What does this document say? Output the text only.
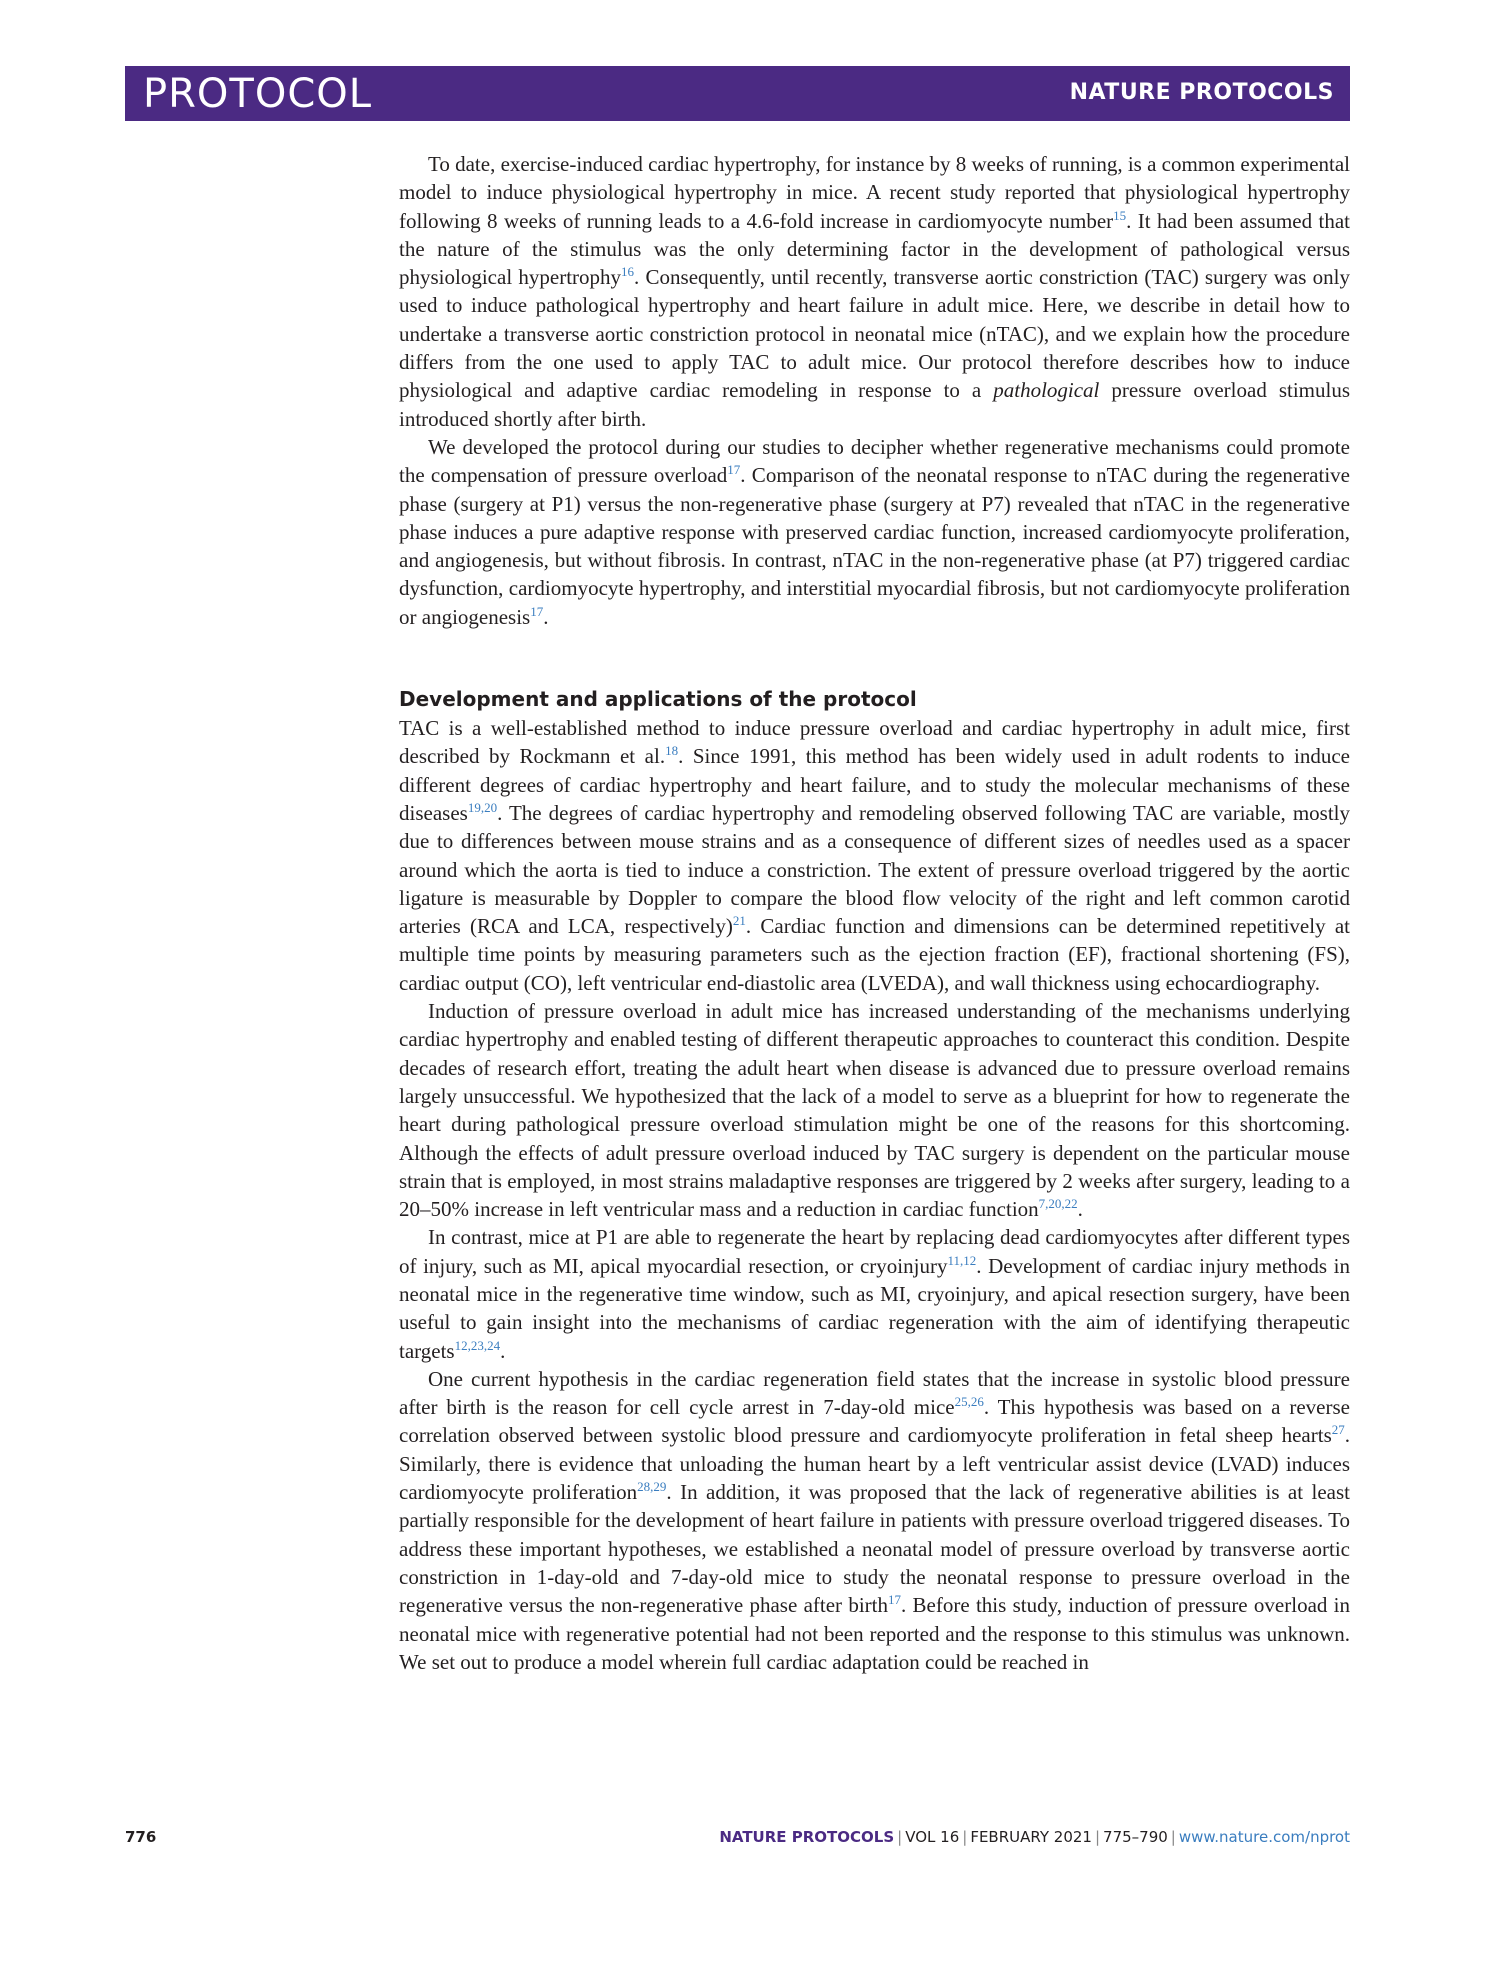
PROTOCOL	NATURE PROTOCOLS

To date, exercise-induced cardiac hypertrophy, for instance by 8 weeks of running, is a common experimental model to induce physiological hypertrophy in mice. A recent study reported that physiological hypertrophy following 8 weeks of running leads to a 4.6-fold increase in cardiomyocyte number$^{15}$. It had been assumed that the nature of the stimulus was the only determining factor in the development of pathological versus physiological hypertrophy$^{16}$. Consequently, until recently, transverse aortic constriction (TAC) surgery was only used to induce pathological hypertrophy and heart failure in adult mice. Here, we describe in detail how to undertake a transverse aortic constriction protocol in neonatal mice (nTAC), and we explain how the procedure differs from the one used to apply TAC to adult mice. Our protocol therefore describes how to induce physiological and adaptive cardiac remodeling in response to a pathological pressure overload stimulus introduced shortly after birth.

We developed the protocol during our studies to decipher whether regenerative mechanisms could promote the compensation of pressure overload$^{17}$. Comparison of the neonatal response to nTAC during the regenerative phase (surgery at P1) versus the non-regenerative phase (surgery at P7) revealed that nTAC in the regenerative phase induces a pure adaptive response with preserved cardiac function, increased cardiomyocyte proliferation, and angiogenesis, but without fibrosis. In contrast, nTAC in the non-regenerative phase (at P7) triggered cardiac dysfunction, cardiomyocyte hypertrophy, and interstitial myocardial fibrosis, but not cardiomyocyte proliferation or angiogenesis$^{17}$.

Development and applications of the protocol

TAC is a well-established method to induce pressure overload and cardiac hypertrophy in adult mice, first described by Rockmann et al.$^{18}$. Since 1991, this method has been widely used in adult rodents to induce different degrees of cardiac hypertrophy and heart failure, and to study the molecular mechanisms of these diseases$^{19,20}$. The degrees of cardiac hypertrophy and remodeling observed following TAC are variable, mostly due to differences between mouse strains and as a consequence of different sizes of needles used as a spacer around which the aorta is tied to induce a constriction. The extent of pressure overload triggered by the aortic ligature is measurable by Doppler to compare the blood flow velocity of the right and left common carotid arteries (RCA and LCA, respectively)$^{21}$. Cardiac function and dimensions can be determined repetitively at multiple time points by measuring parameters such as the ejection fraction (EF), fractional shortening (FS), cardiac output (CO), left ventricular end-diastolic area (LVEDA), and wall thickness using echocardiography.

Induction of pressure overload in adult mice has increased understanding of the mechanisms underlying cardiac hypertrophy and enabled testing of different therapeutic approaches to counteract this condition. Despite decades of research effort, treating the adult heart when disease is advanced due to pressure overload remains largely unsuccessful. We hypothesized that the lack of a model to serve as a blueprint for how to regenerate the heart during pathological pressure overload stimulation might be one of the reasons for this shortcoming. Although the effects of adult pressure overload induced by TAC surgery is dependent on the particular mouse strain that is employed, in most strains maladaptive responses are triggered by 2 weeks after surgery, leading to a 20–50% increase in left ventricular mass and a reduction in cardiac function$^{7,20,22}$.

In contrast, mice at P1 are able to regenerate the heart by replacing dead cardiomyocytes after different types of injury, such as MI, apical myocardial resection, or cryoinjury$^{11,12}$. Development of cardiac injury methods in neonatal mice in the regenerative time window, such as MI, cryoinjury, and apical resection surgery, have been useful to gain insight into the mechanisms of cardiac regeneration with the aim of identifying therapeutic targets$^{12,23,24}$.

One current hypothesis in the cardiac regeneration field states that the increase in systolic blood pressure after birth is the reason for cell cycle arrest in 7-day-old mice$^{25,26}$. This hypothesis was based on a reverse correlation observed between systolic blood pressure and cardiomyocyte proliferation in fetal sheep hearts$^{27}$. Similarly, there is evidence that unloading the human heart by a left ventricular assist device (LVAD) induces cardiomyocyte proliferation$^{28,29}$. In addition, it was proposed that the lack of regenerative abilities is at least partially responsible for the development of heart failure in patients with pressure overload triggered diseases. To address these important hypotheses, we established a neonatal model of pressure overload by transverse aortic constriction in 1-day-old and 7-day-old mice to study the neonatal response to pressure overload in the regenerative versus the non-regenerative phase after birth$^{17}$. Before this study, induction of pressure overload in neonatal mice with regenerative potential had not been reported and the response to this stimulus was unknown. We set out to produce a model wherein full cardiac adaptation could be reached in

776	NATURE PROTOCOLS | VOL 16 | FEBRUARY 2021 | 775–790 | www.nature.com/nprot
